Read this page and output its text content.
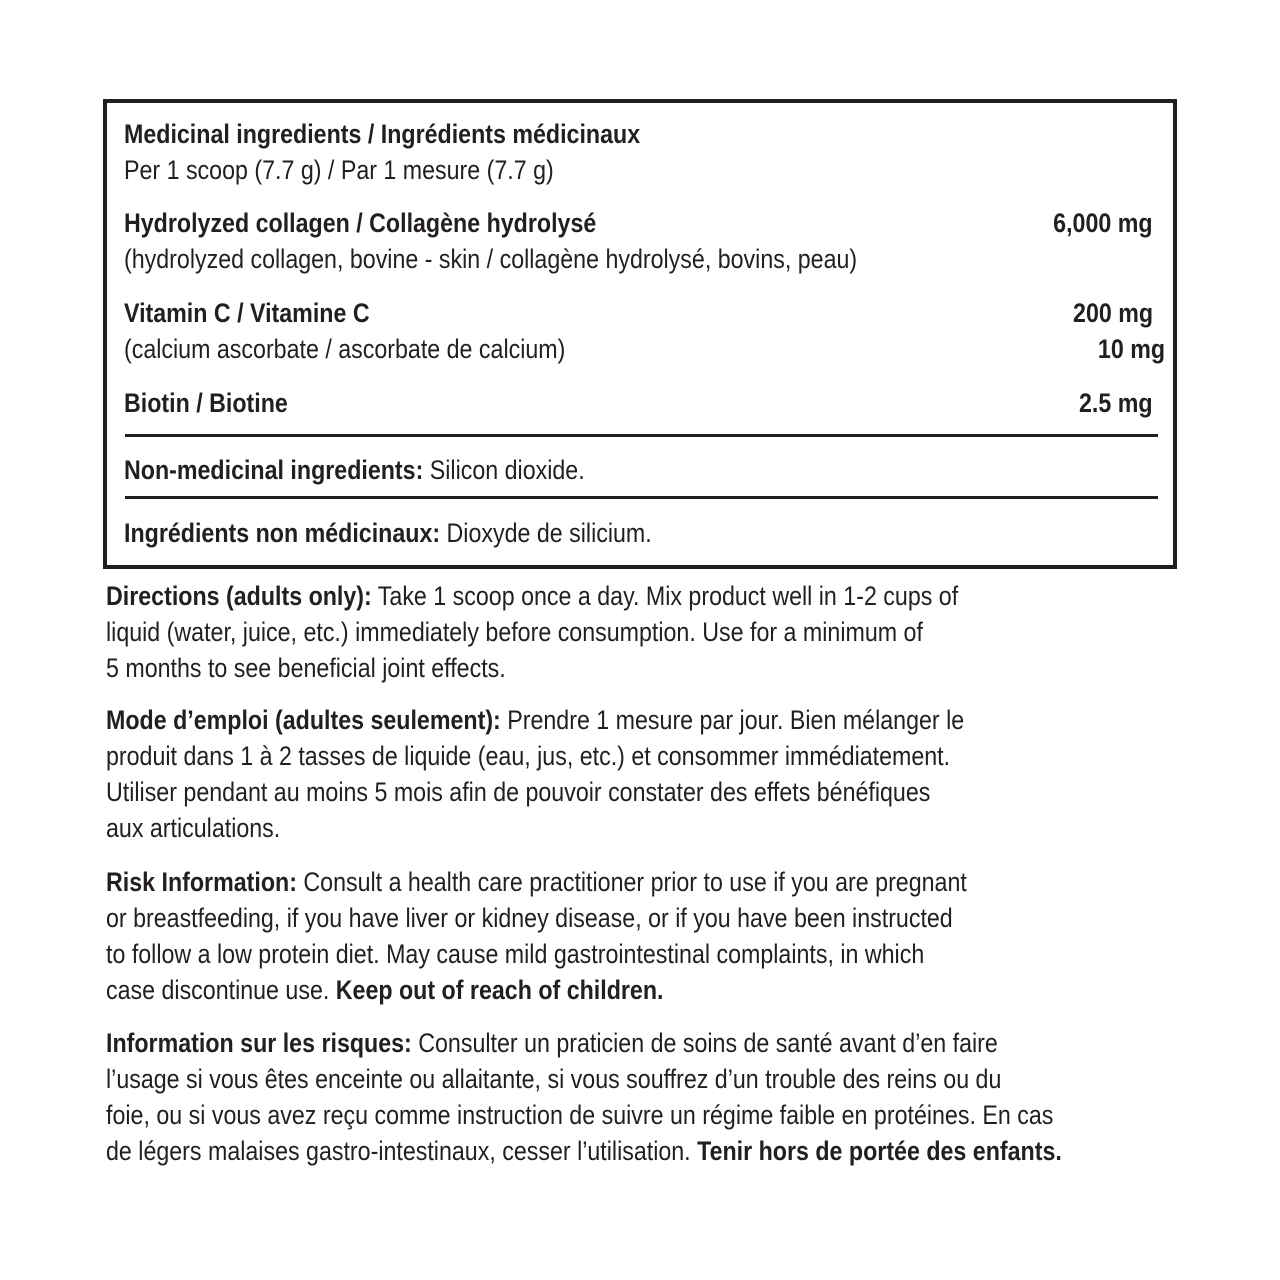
Medicinal ingredients / Ingrédients médicinaux
Per 1 scoop (7.7 g) / Par 1 mesure (7.7 g)
Hydrolyzed collagen / Collagène hydrolysé	6,000 mg
(hydrolyzed collagen, bovine - skin / collagène hydrolysé, bovins, peau)
Vitamin C / Vitamine C	200 mg
(calcium ascorbate / ascorbate de calcium)	10 mg
Biotin / Biotine	2.5 mg
Non-medicinal ingredients: Silicon dioxide.
Ingrédients non médicinaux: Dioxyde de silicium.
Directions (adults only): Take 1 scoop once a day. Mix product well in 1-2 cups of
liquid (water, juice, etc.) immediately before consumption. Use for a minimum of
5 months to see beneficial joint effects.
Mode d’emploi (adultes seulement): Prendre 1 mesure par jour. Bien mélanger le
produit dans 1 à 2 tasses de liquide (eau, jus, etc.) et consommer immédiatement.
Utiliser pendant au moins 5 mois afin de pouvoir constater des effets bénéfiques
aux articulations.
Risk Information: Consult a health care practitioner prior to use if you are pregnant
or breastfeeding, if you have liver or kidney disease, or if you have been instructed
to follow a low protein diet. May cause mild gastrointestinal complaints, in which
case discontinue use. Keep out of reach of children.
Information sur les risques: Consulter un praticien de soins de santé avant d’en faire
l’usage si vous êtes enceinte ou allaitante, si vous souffrez d’un trouble des reins ou du
foie, ou si vous avez reçu comme instruction de suivre un régime faible en protéines. En cas
de légers malaises gastro-intestinaux, cesser l’utilisation. Tenir hors de portée des enfants.
